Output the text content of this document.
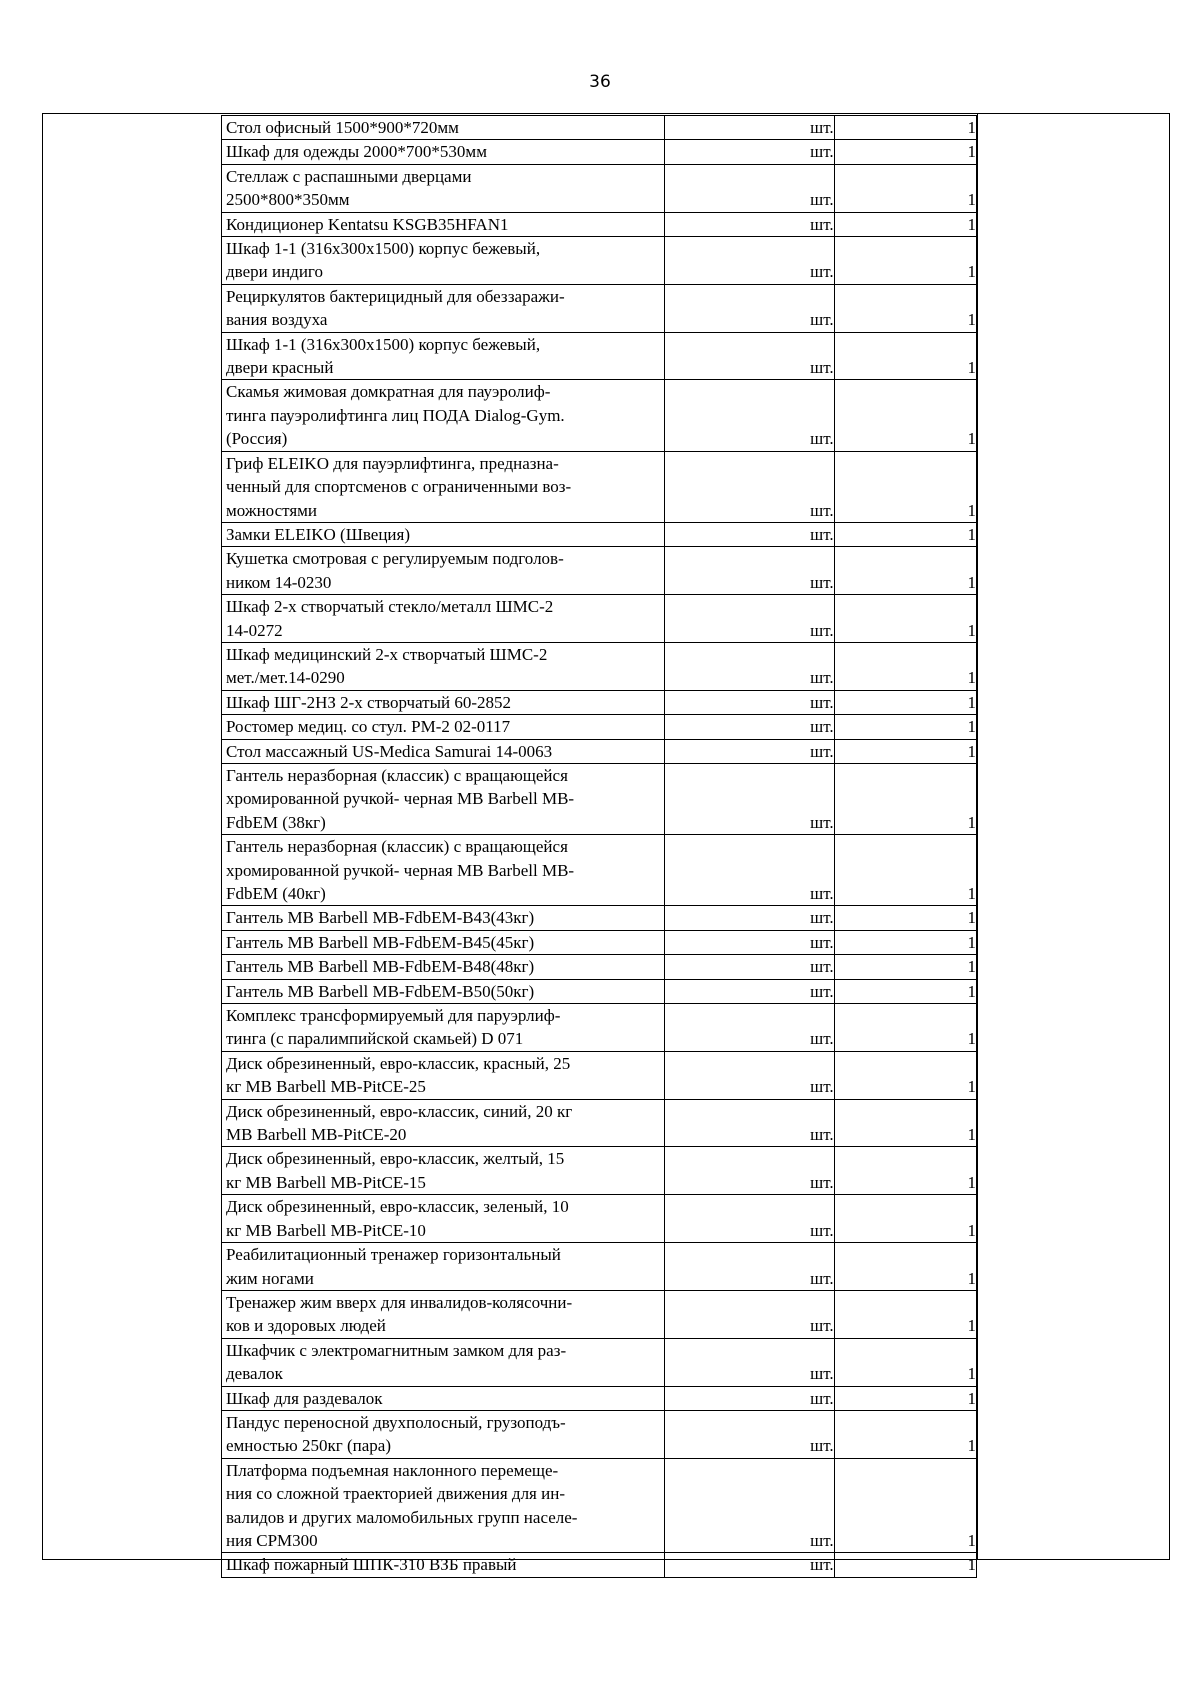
36
Стол офисный 1500*900*720мм	шт.	1

Шкаф для одежды 2000*700*530мм	шт.	1

Стеллаж с распашными дверцами
2500*800*350мм	шт.	1

Кондиционер Kentatsu KSGB35HFAN1	шт.	1

Шкаф 1-1 (316х300х1500) корпус бежевый,
двери индиго	шт.	1

Рециркулятов бактерицидный для обеззаражи-
вания воздуха	шт.	1

Шкаф 1-1 (316х300х1500) корпус бежевый,
двери красный	шт.	1

Скамья жимовая домкратная для пауэролиф-
тинга пауэролифтинга лиц ПОДА Dialog-Gym.
(Россия)	шт.	1

Гриф ELEIKO для пауэрлифтинга, предназна-
ченный для спортсменов с ограниченными воз-
можностями	шт.	1

Замки ELEIKO (Швеция)	шт.	1

Кушетка смотровая с регулируемым подголов-
ником 14-0230	шт.	1

Шкаф 2-х створчатый стекло/металл ШМС-2
14-0272	шт.	1

Шкаф медицинский 2-х створчатый ШМС-2
мет./мет.14-0290	шт.	1

Шкаф ШГ-2НЗ 2-х створчатый 60-2852	шт.	1

Ростомер медиц. со стул. РМ-2 02-0117	шт.	1

Стол массажный US-Medica Samurai 14-0063	шт.	1

Гантель неразборная (классик) с вращающейся
хромированной ручкой- черная MB Barbell MB-
FdbEM (38кг)	шт.	1

Гантель неразборная (классик) с вращающейся
хромированной ручкой- черная MB Barbell MB-
FdbEM (40кг)	шт.	1

Гантель MB Barbell MB-FdbEM-B43(43кг)	шт.	1

Гантель MB Barbell MB-FdbEM-B45(45кг)	шт.	1

Гантель MB Barbell MB-FdbEM-B48(48кг)	шт.	1

Гантель MB Barbell MB-FdbEM-B50(50кг)	шт.	1

Комплекс трансформируемый для паруэрлиф-
тинга (с паралимпийской скамьей) D 071	шт.	1

Диск обрезиненный, евро-классик, красный, 25
кг MB Barbell MB-PitCE-25	шт.	1

Диск обрезиненный, евро-классик, синий, 20 кг
MB Barbell MB-PitCE-20	шт.	1

Диск обрезиненный, евро-классик, желтый, 15
кг MB Barbell MB-PitCE-15	шт.	1

Диск обрезиненный, евро-классик, зеленый, 10
кг MB Barbell MB-PitCE-10	шт.	1

Реабилитационный тренажер горизонтальный
жим ногами	шт.	1

Тренажер жим вверх для инвалидов-колясочни-
ков и здоровых людей	шт.	1

Шкафчик с электромагнитным замком для раз-
девалок	шт.	1

Шкаф для раздевалок	шт.	1

Пандус переносной двухполосный, грузоподъ-
емностью 250кг (пара)	шт.	1

Платформа подъемная наклонного перемеще-
ния со сложной траекторией движения для ин-
валидов и других маломобильных групп населе-
ния СРМ300	шт.	1

Шкаф пожарный ШПК-310 ВЗБ правый	шт.	1
